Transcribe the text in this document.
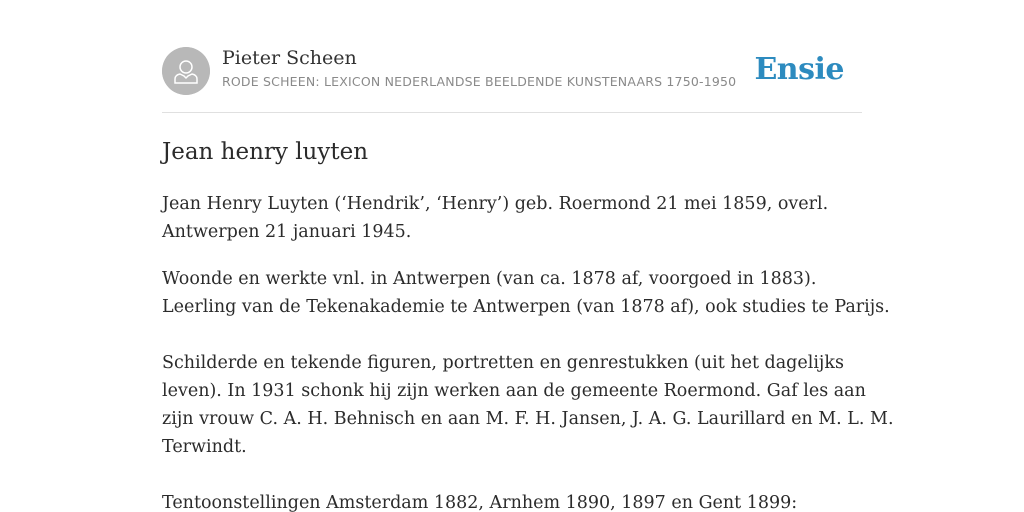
Pieter Scheen
RODE SCHEEN: LEXICON NEDERLANDSE BEELDENDE KUNSTENAARS 1750-1950 Ensie
Jean henry luyten

Jean Henry Luyten (‘Hendrik’, ‘Henry’) geb. Roermond 21 mei 1859, overl.
Antwerpen 21 januari 1945.

Woonde en werkte vnl. in Antwerpen (van ca. 1878 af, voorgoed in 1883).
Leerling van de Tekenakademie te Antwerpen (van 1878 af), ook studies te Parijs.

Schilderde en tekende figuren, portretten en genrestukken (uit het dagelijks
leven). In 1931 schonk hij zijn werken aan de gemeente Roermond. Gaf les aan
zijn vrouw C. A. H. Behnisch en aan M. F. H. Jansen, J. A. G. Laurillard en M. L. M.
Terwindt.

Tentoonstellingen Amsterdam 1882, Arnhem 1890, 1897 en Gent 1899:
